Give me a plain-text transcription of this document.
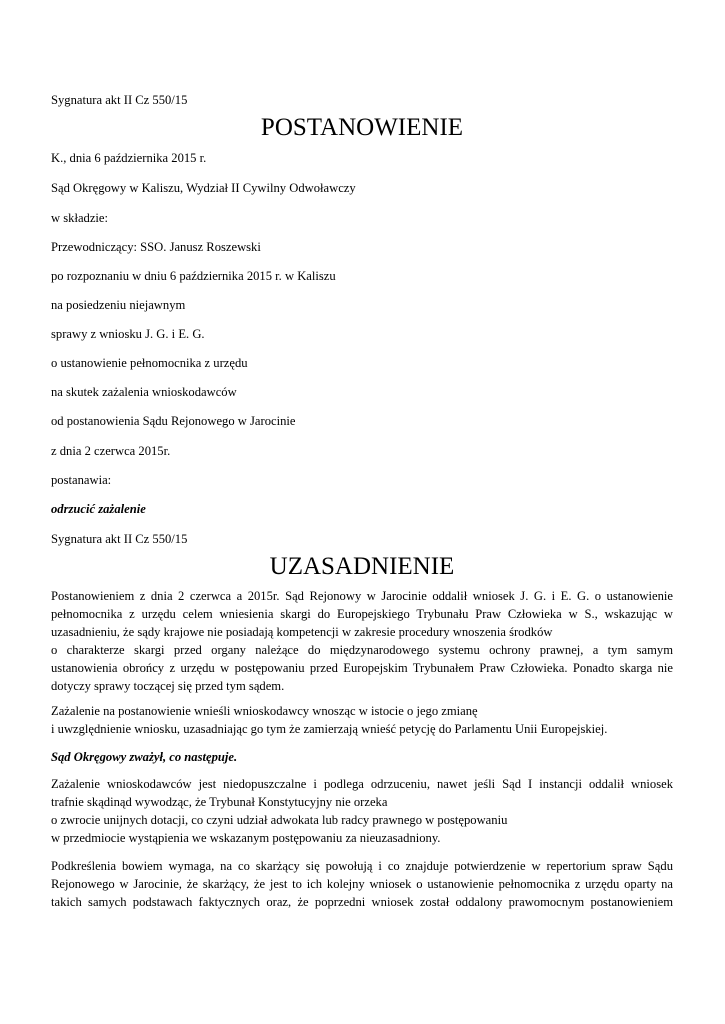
Sygnatura akt II Cz 550/15
POSTANOWIENIE
K., dnia 6 października 2015 r.
Sąd Okręgowy w Kaliszu, Wydział II Cywilny Odwoławczy
w składzie:
Przewodniczący: SSO. Janusz Roszewski
po rozpoznaniu w dniu 6 października 2015 r. w Kaliszu
na posiedzeniu niejawnym
sprawy z wniosku J. G. i E. G.
o ustanowienie pełnomocnika z urzędu
na skutek zażalenia wnioskodawców
od postanowienia Sądu Rejonowego w Jarocinie
z dnia 2 czerwca 2015r.
postanawia:
odrzucić zażalenie
Sygnatura akt II Cz 550/15
UZASADNIENIE
Postanowieniem z dnia 2 czerwca a 2015r. Sąd Rejonowy w Jarocinie oddalił wniosek J. G. i E. G. o ustanowienie
pełnomocnika z urzędu celem wniesienia skargi do Europejskiego Trybunału Praw Człowieka w S., wskazując w
uzasadnieniu, że sądy krajowe nie posiadają kompetencji w zakresie procedury wnoszenia środków
o charakterze skargi przed organy należące do międzynarodowego systemu ochrony prawnej, a tym samym
ustanowienia obrońcy z urzędu w postępowaniu przed Europejskim Trybunałem Praw Człowieka. Ponadto skarga nie
dotyczy sprawy toczącej się przed tym sądem.
Zażalenie na postanowienie wnieśli wnioskodawcy wnosząc w istocie o jego zmianę
i uwzględnienie wniosku, uzasadniając go tym że zamierzają wnieść petycję do Parlamentu Unii Europejskiej.
Sąd Okręgowy zważył, co następuje.
Zażalenie wnioskodawców jest niedopuszczalne i podlega odrzuceniu, nawet jeśli Sąd I instancji oddalił wniosek
trafnie skądinąd wywodząc, że Trybunał Konstytucyjny nie orzeka
o zwrocie unijnych dotacji, co czyni udział adwokata lub radcy prawnego w postępowaniu
w przedmiocie wystąpienia we wskazanym postępowaniu za nieuzasadniony.
Podkreślenia bowiem wymaga, na co skarżący się powołują i co znajduje potwierdzenie w repertorium spraw Sądu
Rejonowego w Jarocinie, że skarżący, że jest to ich kolejny wniosek o ustanowienie pełnomocnika z urzędu oparty na
takich samych podstawach faktycznych oraz, że poprzedni wniosek został oddalony prawomocnym postanowieniem
